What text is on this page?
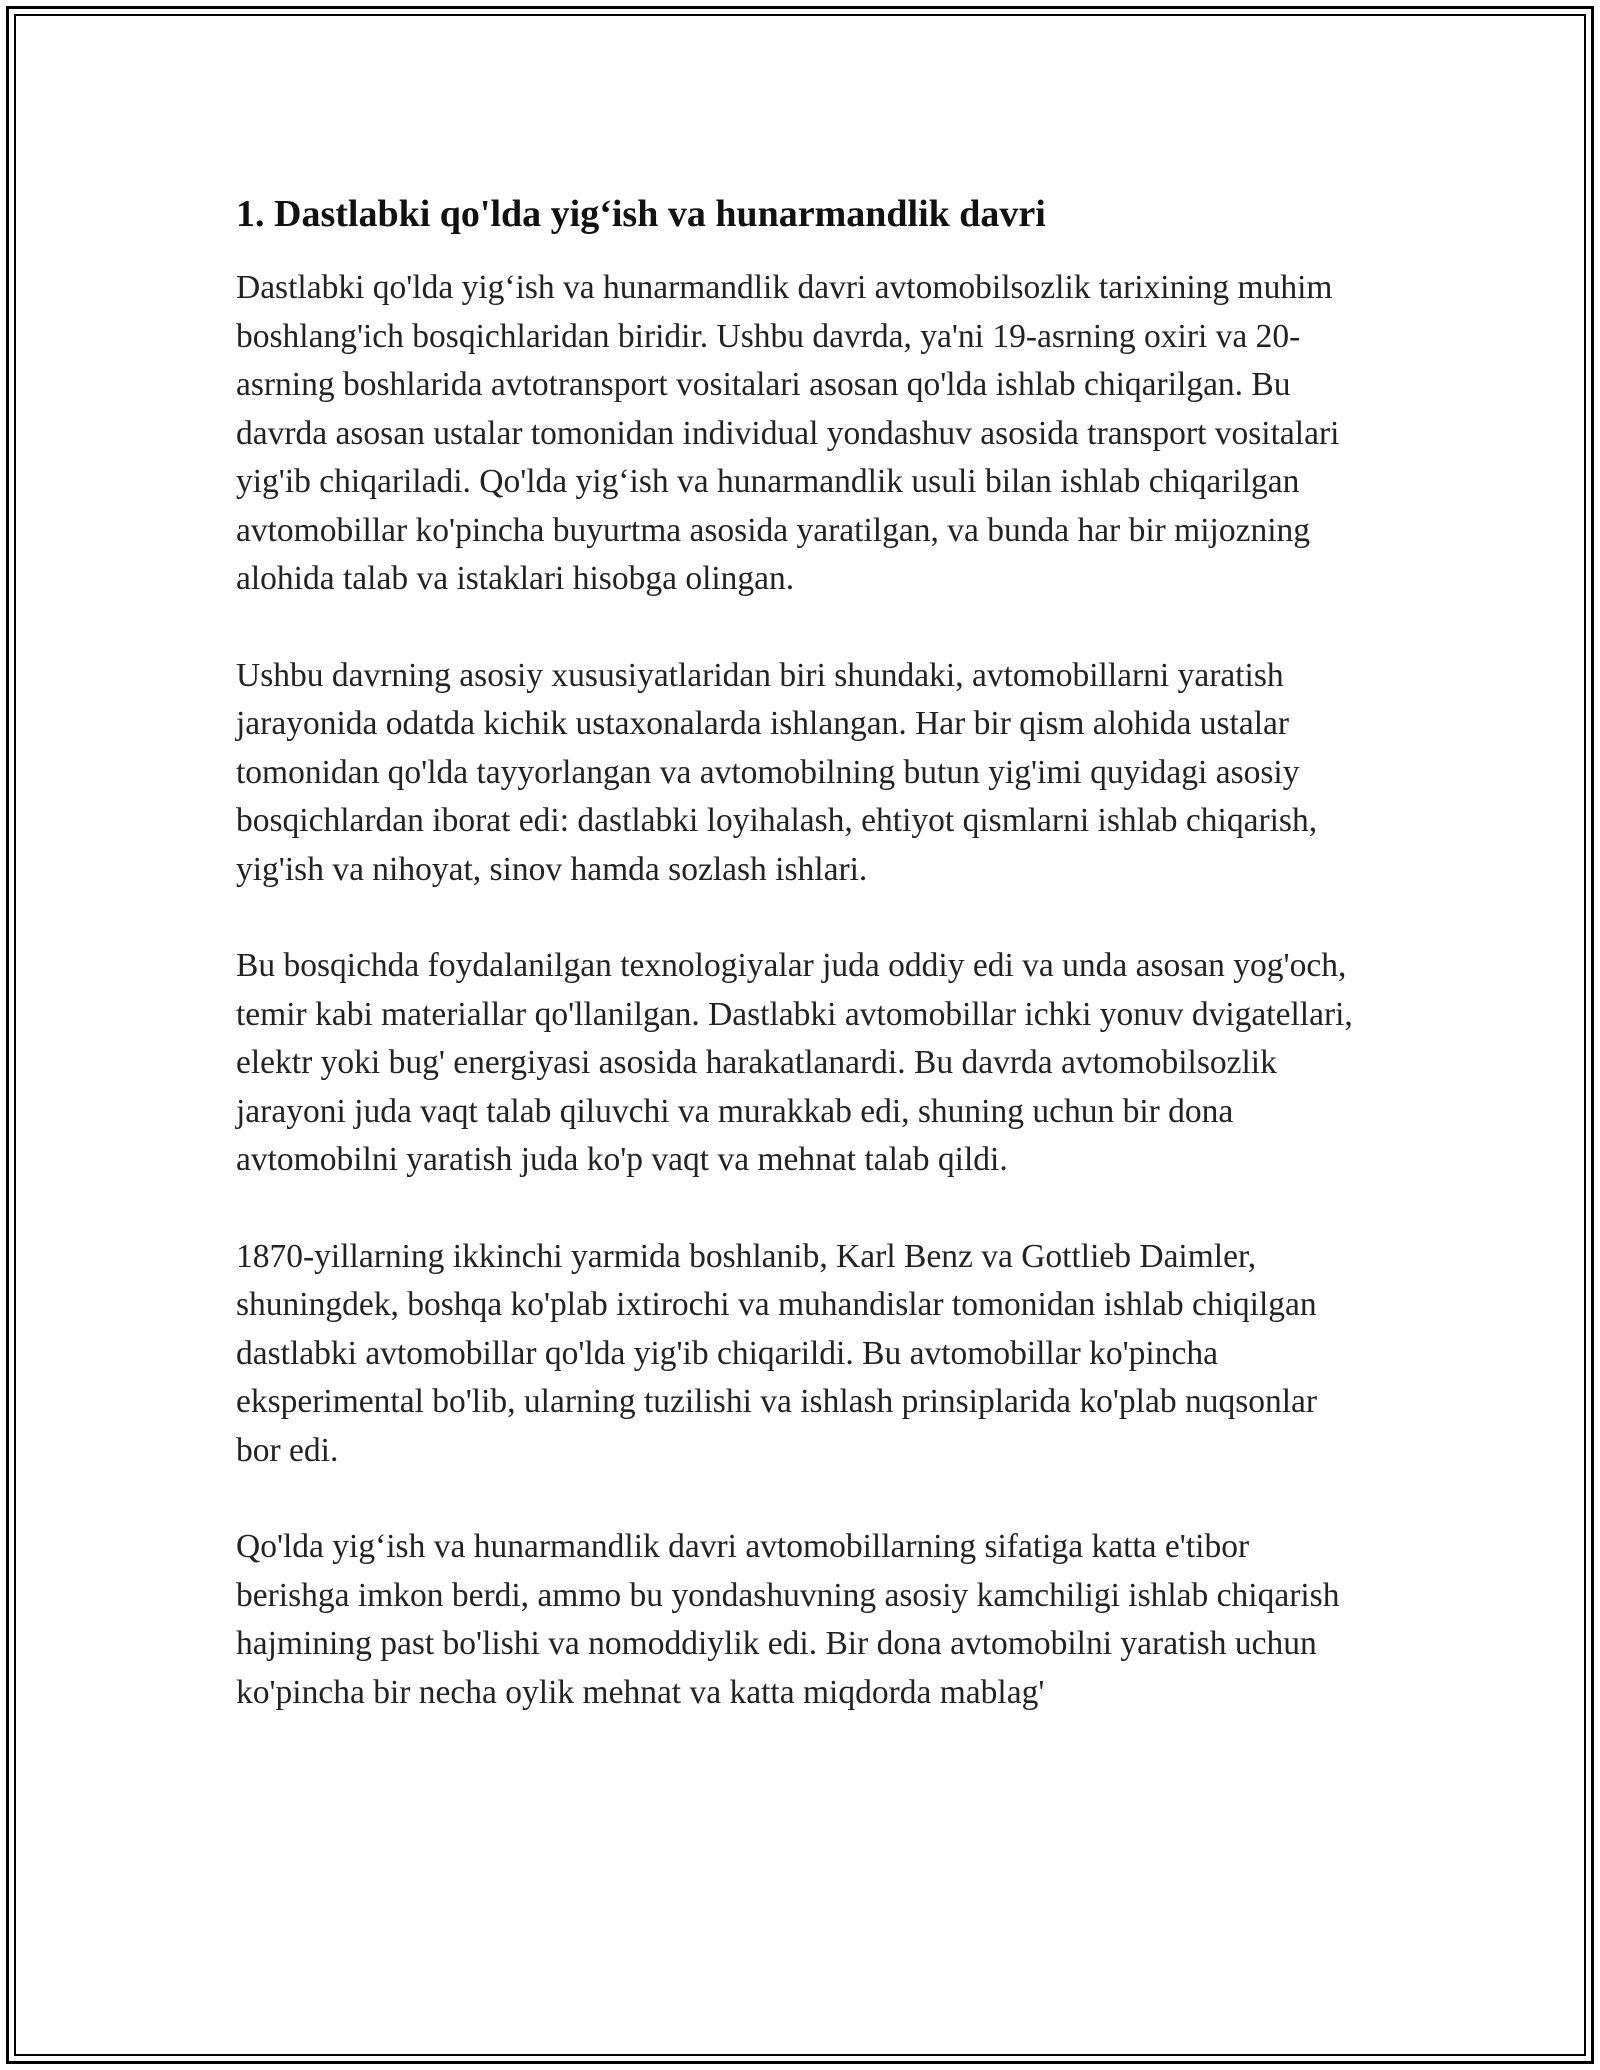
1. Dastlabki qo'lda yig‘ish va hunarmandlik davri

Dastlabki qo'lda yig‘ish va hunarmandlik davri avtomobilsozlik tarixining muhim boshlang'ich bosqichlaridan biridir. Ushbu davrda, ya'ni 19-asrning oxiri va 20-asrning boshlarida avtotransport vositalari asosan qo'lda ishlab chiqarilgan. Bu davrda asosan ustalar tomonidan individual yondashuv asosida transport vositalari yig'ib chiqariladi. Qo'lda yig‘ish va hunarmandlik usuli bilan ishlab chiqarilgan avtomobillar ko'pincha buyurtma asosida yaratilgan, va bunda har bir mijozning alohida talab va istaklari hisobga olingan.

Ushbu davrning asosiy xususiyatlaridan biri shundaki, avtomobillarni yaratish jarayonida odatda kichik ustaxonalarda ishlangan. Har bir qism alohida ustalar tomonidan qo'lda tayyorlangan va avtomobilning butun yig'imi quyidagi asosiy bosqichlardan iborat edi: dastlabki loyihalash, ehtiyot qismlarni ishlab chiqarish, yig'ish va nihoyat, sinov hamda sozlash ishlari.

Bu bosqichda foydalanilgan texnologiyalar juda oddiy edi va unda asosan yog'och, temir kabi materiallar qo'llanilgan. Dastlabki avtomobillar ichki yonuv dvigatellari, elektr yoki bug' energiyasi asosida harakatlanardi. Bu davrda avtomobilsozlik jarayoni juda vaqt talab qiluvchi va murakkab edi, shuning uchun bir dona avtomobilni yaratish juda ko'p vaqt va mehnat talab qildi.

1870-yillarning ikkinchi yarmida boshlanib, Karl Benz va Gottlieb Daimler, shuningdek, boshqa ko'plab ixtirochi va muhandislar tomonidan ishlab chiqilgan dastlabki avtomobillar qo'lda yig'ib chiqarildi. Bu avtomobillar ko'pincha eksperimental bo'lib, ularning tuzilishi va ishlash prinsiplarida ko'plab nuqsonlar bor edi.

Qo'lda yig‘ish va hunarmandlik davri avtomobillarning sifatiga katta e'tibor berishga imkon berdi, ammo bu yondashuvning asosiy kamchiligi ishlab chiqarish hajmining past bo'lishi va nomoddiylik edi. Bir dona avtomobilni yaratish uchun ko'pincha bir necha oylik mehnat va katta miqdorda mablag'
